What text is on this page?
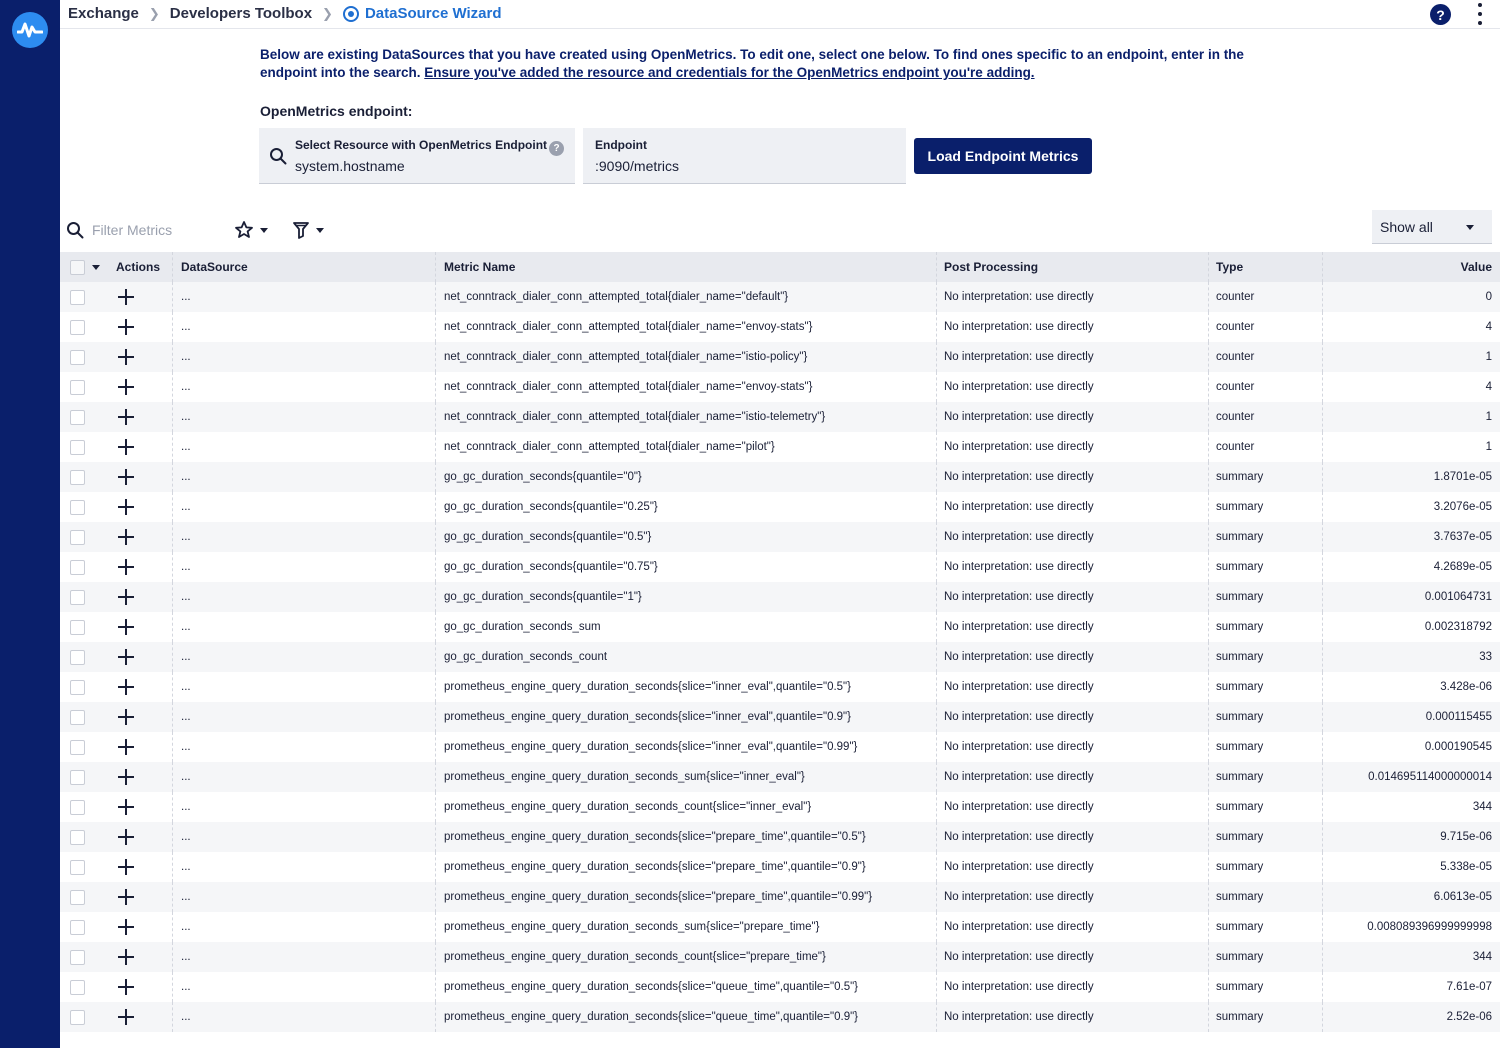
Exchange ❯ Developers Toolbox ❯ DataSource Wizard	?
Below are existing DataSources that you have created using OpenMetrics. To edit one, select one below. To find ones specific to an endpoint, enter in the endpoint into the search. Ensure you've added the resource and credentials for the OpenMetrics endpoint you're adding.
OpenMetrics endpoint:
Select Resource with OpenMetrics Endpoint ?
system.hostname
Endpoint
:9090/metrics
Load Endpoint Metrics
Filter Metrics
Show all
Actions	DataSource	Metric Name	Post Processing	Type	Value
...	net_conntrack_dialer_conn_attempted_total{dialer_name="default"}	No interpretation: use directly	counter	0
...	net_conntrack_dialer_conn_attempted_total{dialer_name="envoy-stats"}	No interpretation: use directly	counter	4
...	net_conntrack_dialer_conn_attempted_total{dialer_name="istio-policy"}	No interpretation: use directly	counter	1
...	net_conntrack_dialer_conn_attempted_total{dialer_name="envoy-stats"}	No interpretation: use directly	counter	4
...	net_conntrack_dialer_conn_attempted_total{dialer_name="istio-telemetry"}	No interpretation: use directly	counter	1
...	net_conntrack_dialer_conn_attempted_total{dialer_name="pilot"}	No interpretation: use directly	counter	1
...	go_gc_duration_seconds{quantile="0"}	No interpretation: use directly	summary	1.8701e-05
...	go_gc_duration_seconds{quantile="0.25"}	No interpretation: use directly	summary	3.2076e-05
...	go_gc_duration_seconds{quantile="0.5"}	No interpretation: use directly	summary	3.7637e-05
...	go_gc_duration_seconds{quantile="0.75"}	No interpretation: use directly	summary	4.2689e-05
...	go_gc_duration_seconds{quantile="1"}	No interpretation: use directly	summary	0.001064731
...	go_gc_duration_seconds_sum	No interpretation: use directly	summary	0.002318792
...	go_gc_duration_seconds_count	No interpretation: use directly	summary	33
...	prometheus_engine_query_duration_seconds{slice="inner_eval",quantile="0.5"}	No interpretation: use directly	summary	3.428e-06
...	prometheus_engine_query_duration_seconds{slice="inner_eval",quantile="0.9"}	No interpretation: use directly	summary	0.000115455
...	prometheus_engine_query_duration_seconds{slice="inner_eval",quantile="0.99"}	No interpretation: use directly	summary	0.000190545
...	prometheus_engine_query_duration_seconds_sum{slice="inner_eval"}	No interpretation: use directly	summary	0.014695114000000014
...	prometheus_engine_query_duration_seconds_count{slice="inner_eval"}	No interpretation: use directly	summary	344
...	prometheus_engine_query_duration_seconds{slice="prepare_time",quantile="0.5"}	No interpretation: use directly	summary	9.715e-06
...	prometheus_engine_query_duration_seconds{slice="prepare_time",quantile="0.9"}	No interpretation: use directly	summary	5.338e-05
...	prometheus_engine_query_duration_seconds{slice="prepare_time",quantile="0.99"}	No interpretation: use directly	summary	6.0613e-05
...	prometheus_engine_query_duration_seconds_sum{slice="prepare_time"}	No interpretation: use directly	summary	0.008089396999999998
...	prometheus_engine_query_duration_seconds_count{slice="prepare_time"}	No interpretation: use directly	summary	344
...	prometheus_engine_query_duration_seconds{slice="queue_time",quantile="0.5"}	No interpretation: use directly	summary	7.61e-07
...	prometheus_engine_query_duration_seconds{slice="queue_time",quantile="0.9"}	No interpretation: use directly	summary	2.52e-06
